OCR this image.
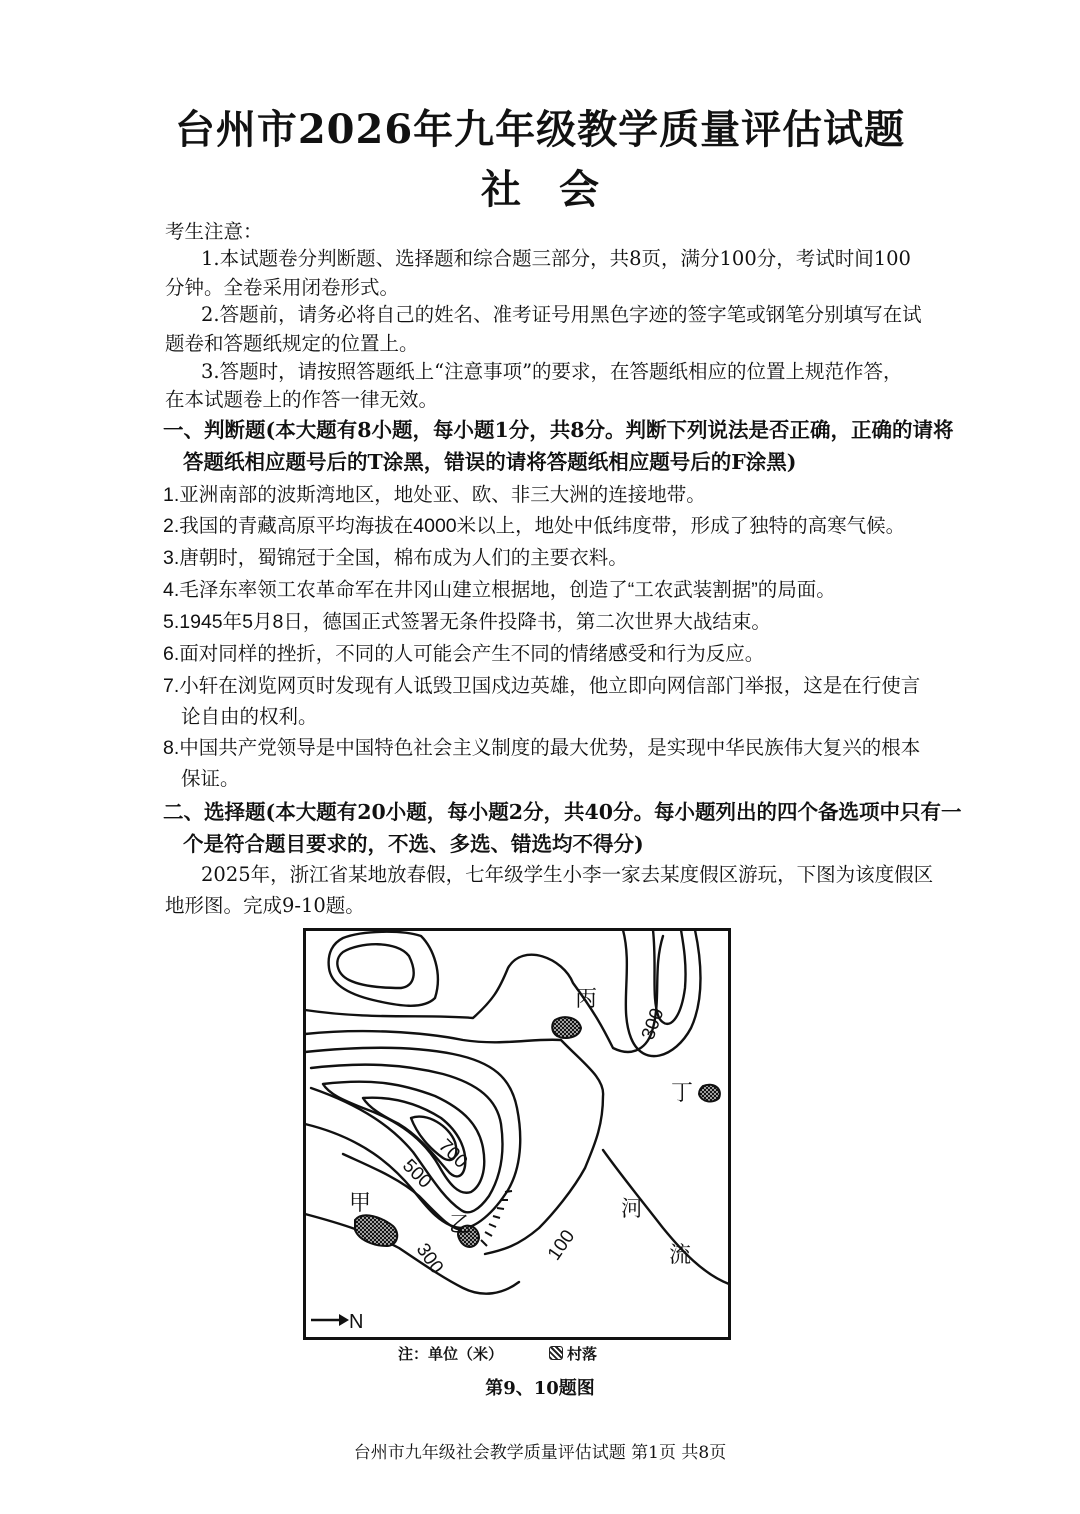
台州市2026年九年级教学质量评估试题
社会
考生注意：
1.本试题卷分判断题、选择题和综合题三部分，共8页，满分100分，考试时间100
分钟。全卷采用闭卷形式。
2.答题前，请务必将自己的姓名、准考证号用黑色字迹的签字笔或钢笔分别填写在试
题卷和答题纸规定的位置上。
3.答题时，请按照答题纸上“注意事项”的要求，在答题纸相应的位置上规范作答，
在本试题卷上的作答一律无效。
一、判断题(本大题有8小题，每小题1分，共8分。判断下列说法是否正确，正确的请将
答题纸相应题号后的T涂黑，错误的请将答题纸相应题号后的F涂黑)
1.亚洲南部的波斯湾地区，地处亚、欧、非三大洲的连接地带。
2.我国的青藏高原平均海拔在4000米以上，地处中低纬度带，形成了独特的高寒气候。
3.唐朝时，蜀锦冠于全国，棉布成为人们的主要衣料。
4.毛泽东率领工农革命军在井冈山建立根据地，创造了“工农武装割据”的局面。
5.1945年5月8日，德国正式签署无条件投降书，第二次世界大战结束。
6.面对同样的挫折，不同的人可能会产生不同的情绪感受和行为反应。
7.小轩在浏览网页时发现有人诋毁卫国戍边英雄，他立即向网信部门举报，这是在行使言
论自由的权利。
8.中国共产党领导是中国特色社会主义制度的最大优势，是实现中华民族伟大复兴的根本
保证。
二、选择题(本大题有20小题，每小题2分，共40分。每小题列出的四个备选项中只有一
个是符合题目要求的，不选、多选、错选均不得分)
2025年，浙江省某地放春假，七年级学生小李一家去某度假区游玩，下图为该度假区
地形图。完成9-10题。
300
700
500
300	100
丙
丁
甲
乙
河
流
N
注：单位（米）	村落
第9、10题图
台州市九年级社会教学质量评估试题 第1页 共8页
